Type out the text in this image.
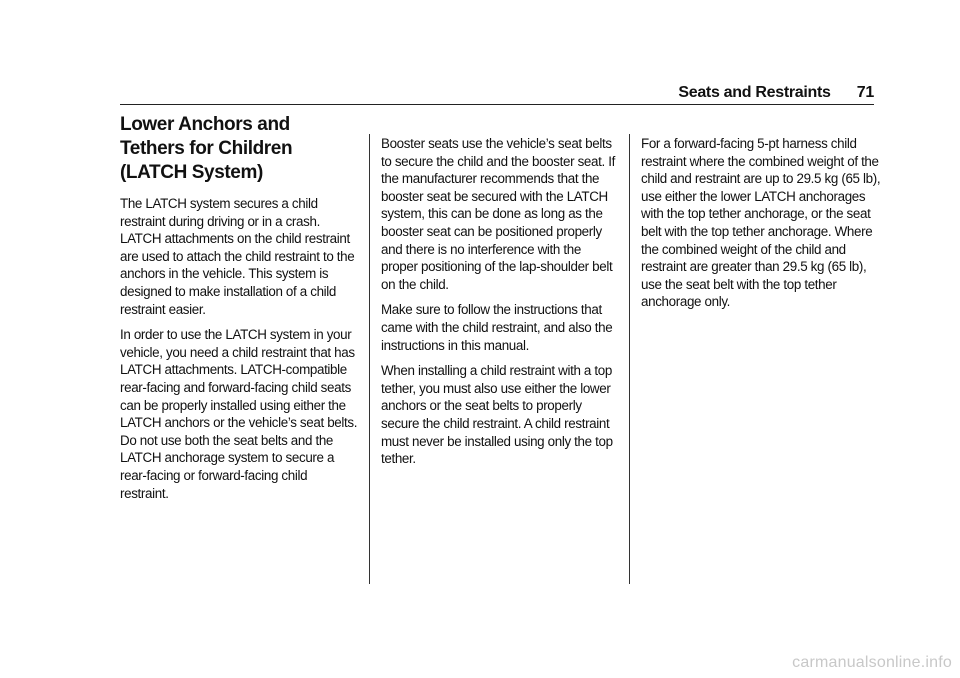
Seats and Restraints 71
Lower Anchors and Tethers for Children (LATCH System)

The LATCH system secures a child restraint during driving or in a crash. LATCH attachments on the child restraint are used to attach the child restraint to the anchors in the vehicle. This system is designed to make installation of a child restraint easier.

In order to use the LATCH system in your vehicle, you need a child restraint that has LATCH attachments. LATCH-compatible rear-facing and forward-facing child seats can be properly installed using either the LATCH anchors or the vehicle’s seat belts. Do not use both the seat belts and the LATCH anchorage system to secure a rear-facing or forward-facing child restraint.

Booster seats use the vehicle’s seat belts to secure the child and the booster seat. If the manufacturer recommends that the booster seat be secured with the LATCH system, this can be done as long as the booster seat can be positioned properly and there is no interference with the proper positioning of the lap-shoulder belt on the child.

Make sure to follow the instructions that came with the child restraint, and also the instructions in this manual.

When installing a child restraint with a top tether, you must also use either the lower anchors or the seat belts to properly secure the child restraint. A child restraint must never be installed using only the top tether.

For a forward-facing 5-pt harness child restraint where the combined weight of the child and restraint are up to 29.5 kg (65 lb), use either the lower LATCH anchorages with the top tether anchorage, or the seat belt with the top tether anchorage. Where the combined weight of the child and restraint are greater than 29.5 kg (65 lb), use the seat belt with the top tether anchorage only.

carmanualsonline.info
